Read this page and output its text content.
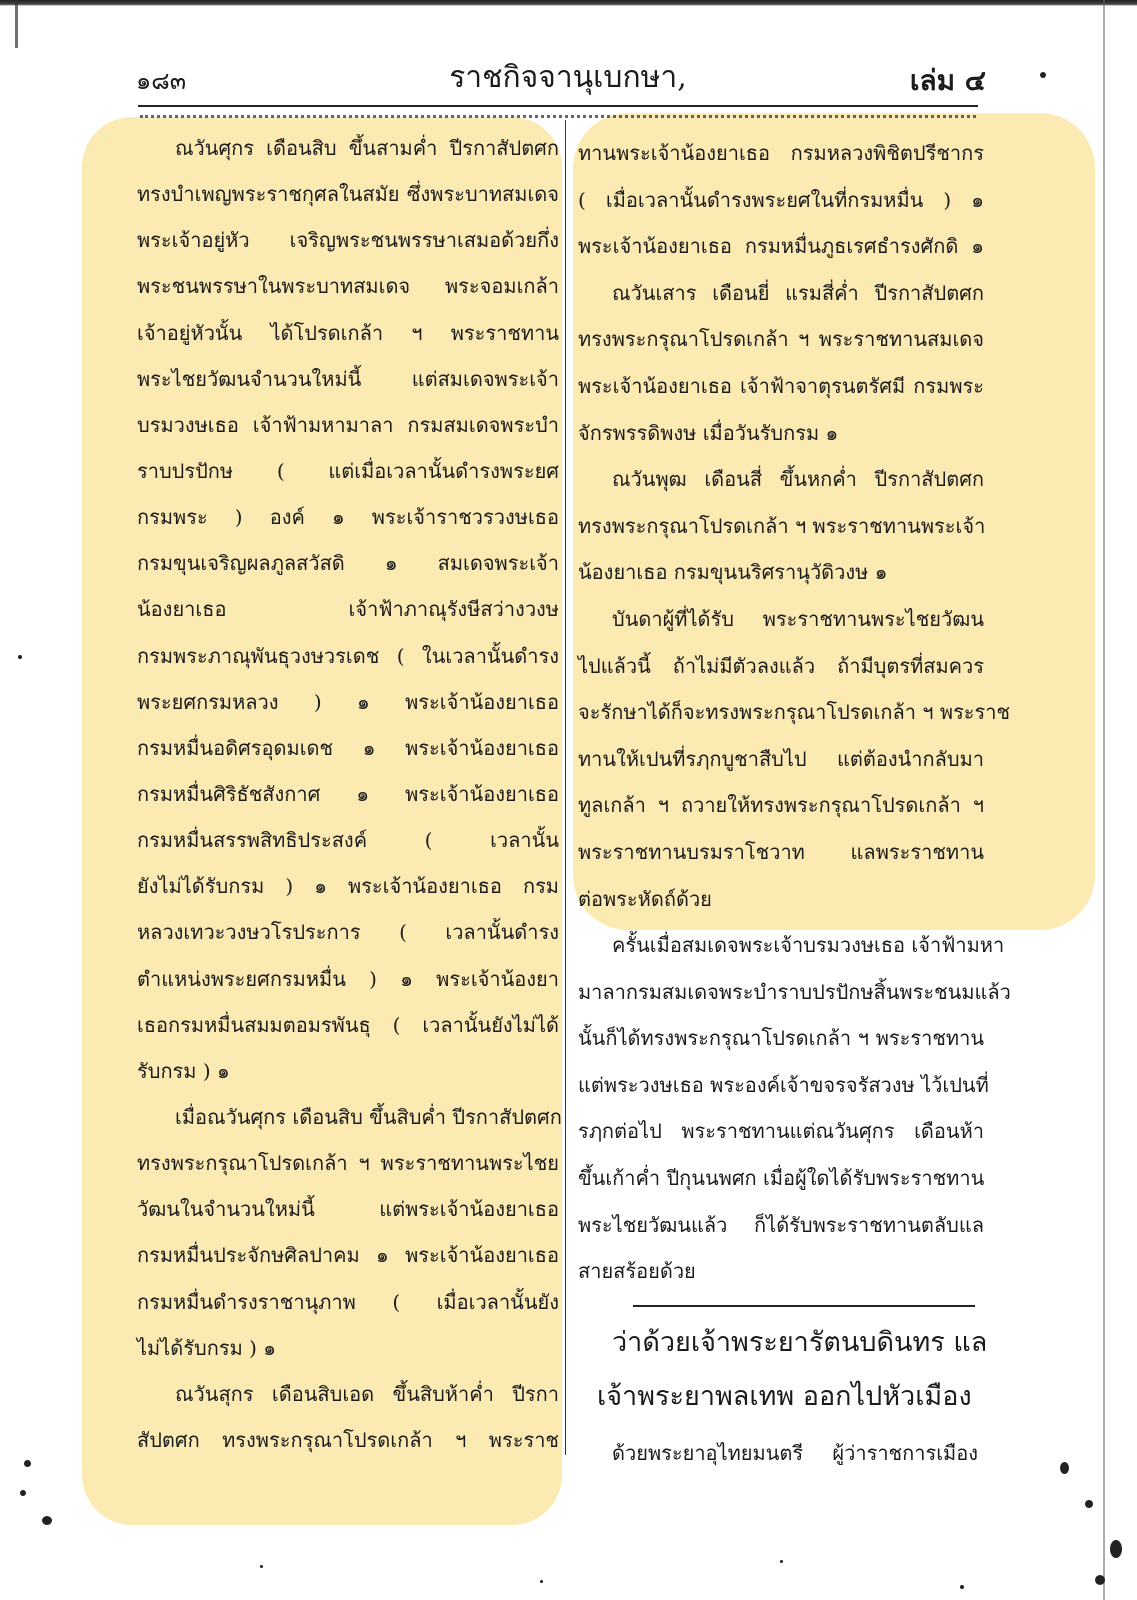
๑๘๓	ราชกิจจานุเบกษา,	เล่ม ๔
ณวันศุกร เดือนสิบ ขึ้นสามค่ำ ปีรกาสัปตศก
ทรงบำเพญพระราชกุศลในสมัย ซึ่งพระบาทสมเดจ
พระเจ้าอยู่หัว เจริญพระชนพรรษาเสมอด้วยกึ่ง
พระชนพรรษาในพระบาทสมเดจ พระจอมเกล้า
เจ้าอยู่หัวนั้น ได้โปรดเกล้า ฯ พระราชทาน
พระไชยวัฒนจำนวนใหม่นี้ แต่สมเดจพระเจ้า
บรมวงษเธอ เจ้าฟ้ามหามาลา กรมสมเดจพระบำ
ราบปรปักษ ( แต่เมื่อเวลานั้นดำรงพระยศ
กรมพระ ) องค์ ๑ พระเจ้าราชวรวงษเธอ
กรมขุนเจริญผลภูลสวัสดิ ๑ สมเดจพระเจ้า
น้องยาเธอ เจ้าฟ้าภาณุรังษีสว่างวงษ
กรมพระภาณุพันธุวงษวรเดช ( ในเวลานั้นดำรง
พระยศกรมหลวง ) ๑ พระเจ้าน้องยาเธอ
กรมหมื่นอดิศรอุดมเดช ๑ พระเจ้าน้องยาเธอ
กรมหมื่นศิริธัชสังกาศ ๑ พระเจ้าน้องยาเธอ
กรมหมื่นสรรพสิทธิประสงค์ ( เวลานั้น
ยังไม่ได้รับกรม ) ๑ พระเจ้าน้องยาเธอ กรม
หลวงเทวะวงษวโรประการ ( เวลานั้นดำรง
ตำแหน่งพระยศกรมหมื่น ) ๑ พระเจ้าน้องยา
เธอกรมหมื่นสมมตอมรพันธุ ( เวลานั้นยังไม่ได้
รับกรม ) ๑
เมื่อณวันศุกร เดือนสิบ ขึ้นสิบค่ำ ปีรกาสัปตศก
ทรงพระกรุณาโปรดเกล้า ฯ พระราชทานพระไชย
วัฒนในจำนวนใหม่นี้ แต่พระเจ้าน้องยาเธอ
กรมหมื่นประจักษศิลปาคม ๑ พระเจ้าน้องยาเธอ
กรมหมื่นดำรงราชานุภาพ ( เมื่อเวลานั้นยัง
ไม่ได้รับกรม ) ๑
ณวันสุกร เดือนสิบเอด ขึ้นสิบห้าค่ำ ปีรกา
สัปตศก ทรงพระกรุณาโปรดเกล้า ฯ พระราช
ทานพระเจ้าน้องยาเธอ กรมหลวงพิชิตปรีชากร
( เมื่อเวลานั้นดำรงพระยศในที่กรมหมื่น ) ๑
พระเจ้าน้องยาเธอ กรมหมื่นภูธเรศธำรงศักดิ ๑
ณวันเสาร เดือนยี่ แรมสี่ค่ำ ปีรกาสัปตศก
ทรงพระกรุณาโปรดเกล้า ฯ พระราชทานสมเดจ
พระเจ้าน้องยาเธอ เจ้าฟ้าจาตุรนตรัศมี กรมพระ
จักรพรรดิพงษ เมื่อวันรับกรม ๑
ณวันพุฒ เดือนสี่ ขึ้นหกค่ำ ปีรกาสัปตศก
ทรงพระกรุณาโปรดเกล้า ฯ พระราชทานพระเจ้า
น้องยาเธอ กรมขุนนริศรานุวัดิวงษ ๑
บันดาผู้ที่ได้รับ พระราชทานพระไชยวัฒน
ไปแล้วนี้ ถ้าไม่มีตัวลงแล้ว ถ้ามีบุตรที่สมควร
จะรักษาได้ก็จะทรงพระกรุณาโปรดเกล้า ฯ พระราช
ทานให้เปนที่รฦกบูชาสืบไป แต่ต้องนำกลับมา
ทูลเกล้า ฯ ถวายให้ทรงพระกรุณาโปรดเกล้า ฯ
พระราชทานบรมราโชวาท แลพระราชทาน
ต่อพระหัดถ์ด้วย
ครั้นเมื่อสมเดจพระเจ้าบรมวงษเธอ เจ้าฟ้ามหา
มาลากรมสมเดจพระบำราบปรปักษสิ้นพระชนมแล้ว
นั้นก็ได้ทรงพระกรุณาโปรดเกล้า ฯ พระราชทาน
แต่พระวงษเธอ พระองค์เจ้าขจรจรัสวงษ ไว้เปนที่
รฦกต่อไป พระราชทานแต่ณวันศุกร เดือนห้า
ขึ้นเก้าค่ำ ปีกุนนพศก เมื่อผู้ใดได้รับพระราชทาน
พระไชยวัฒนแล้ว ก็ได้รับพระราชทานตลับแล
สายสร้อยด้วย
ว่าด้วยเจ้าพระยารัตนบดินทร แล
เจ้าพระยาพลเทพ ออกไปหัวเมือง
ด้วยพระยาอุไทยมนตรี ผู้ว่าราชการเมือง
